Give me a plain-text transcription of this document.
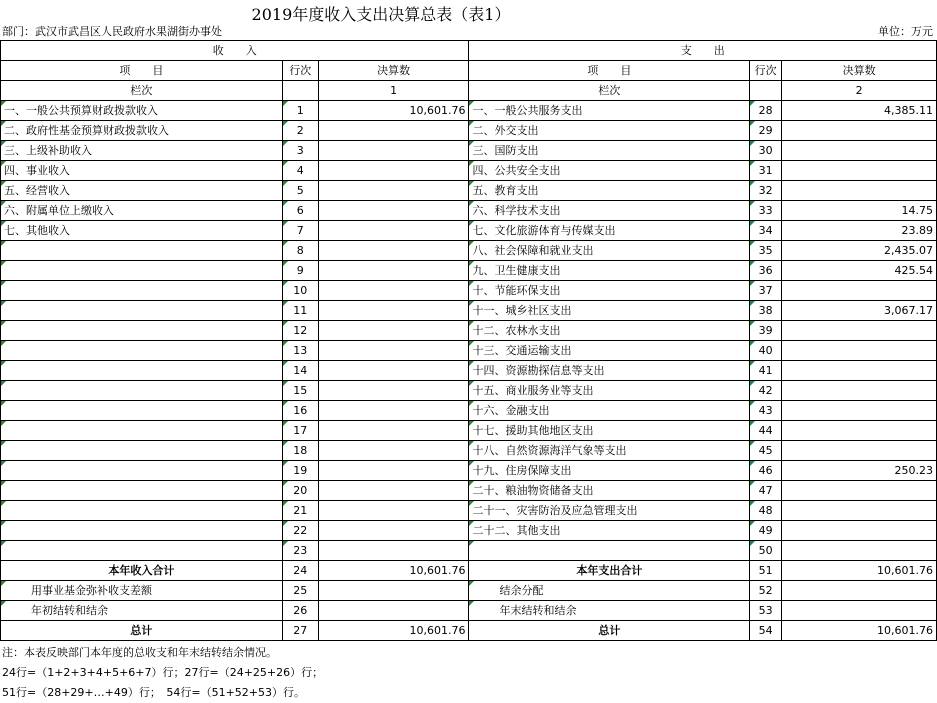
2019年度收入支出决算总表（表1）
部门：武汉市武昌区人民政府水果湖街办事处	单位：万元
收　　入			支　　出		
项　　目	行次	决算数	项　　目	行次	决算数
栏次		1	栏次		2
一、一般公共预算财政拨款收入	1	10,601.76	一、一般公共服务支出	28	4,385.11
二、政府性基金预算财政拨款收入	2		二、外交支出	29	
三、上级补助收入	3		三、国防支出	30	
四、事业收入	4		四、公共安全支出	31	
五、经营收入	5		五、教育支出	32	
六、附属单位上缴收入	6		六、科学技术支出	33	14.75
七、其他收入	7		七、文化旅游体育与传媒支出	34	23.89
	8		八、社会保障和就业支出	35	2,435.07
	9		九、卫生健康支出	36	425.54
	10		十、节能环保支出	37	
	11		十一、城乡社区支出	38	3,067.17
	12		十二、农林水支出	39	
	13		十三、交通运输支出	40	
	14		十四、资源勘探信息等支出	41	
	15		十五、商业服务业等支出	42	
	16		十六、金融支出	43	
	17		十七、援助其他地区支出	44	
	18		十八、自然资源海洋气象等支出	45	
	19		十九、住房保障支出	46	250.23
	20		二十、粮油物资储备支出	47	
	21		二十一、灾害防治及应急管理支出	48	
	22		二十二、其他支出	49	
	23			50	
本年收入合计	24	10,601.76	本年支出合计	51	10,601.76
用事业基金弥补收支差额	25		结余分配	52	
年初结转和结余	26		年末结转和结余	53	
总计	27	10,601.76	总计	54	10,601.76
注：本表反映部门本年度的总收支和年末结转结余情况。
24行=（1+2+3+4+5+6+7）行；27行=（24+25+26）行；
51行=（28+29+…+49）行；　54行=（51+52+53）行。
